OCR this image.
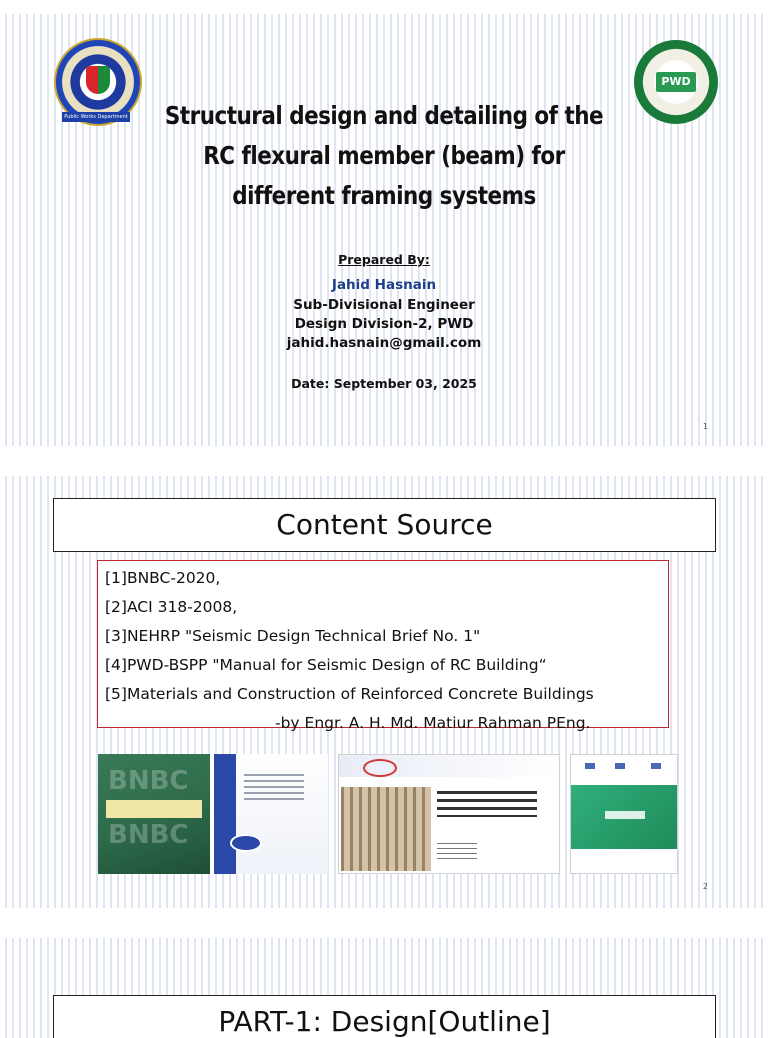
Public Works Department
PWD
Structural design and detailing of the RC flexural member (beam) for different framing systems
Prepared By:
Jahid Hasnain
Sub-Divisional Engineer
Design Division-2, PWD
jahid.hasnain@gmail.com
Date: September 03, 2025
1
Content Source
[1]BNBC-2020,
[2]ACI 318-2008,
[3]NEHRP "Seismic Design Technical Brief No. 1"
[4]PWD-BSPP "Manual for Seismic Design of RC Building“
[5]Materials and Construction of Reinforced Concrete Buildings
-by Engr. A. H. Md. Matiur Rahman PEng.
BNBC
BNBC
2
PART-1: Design[Outline]
